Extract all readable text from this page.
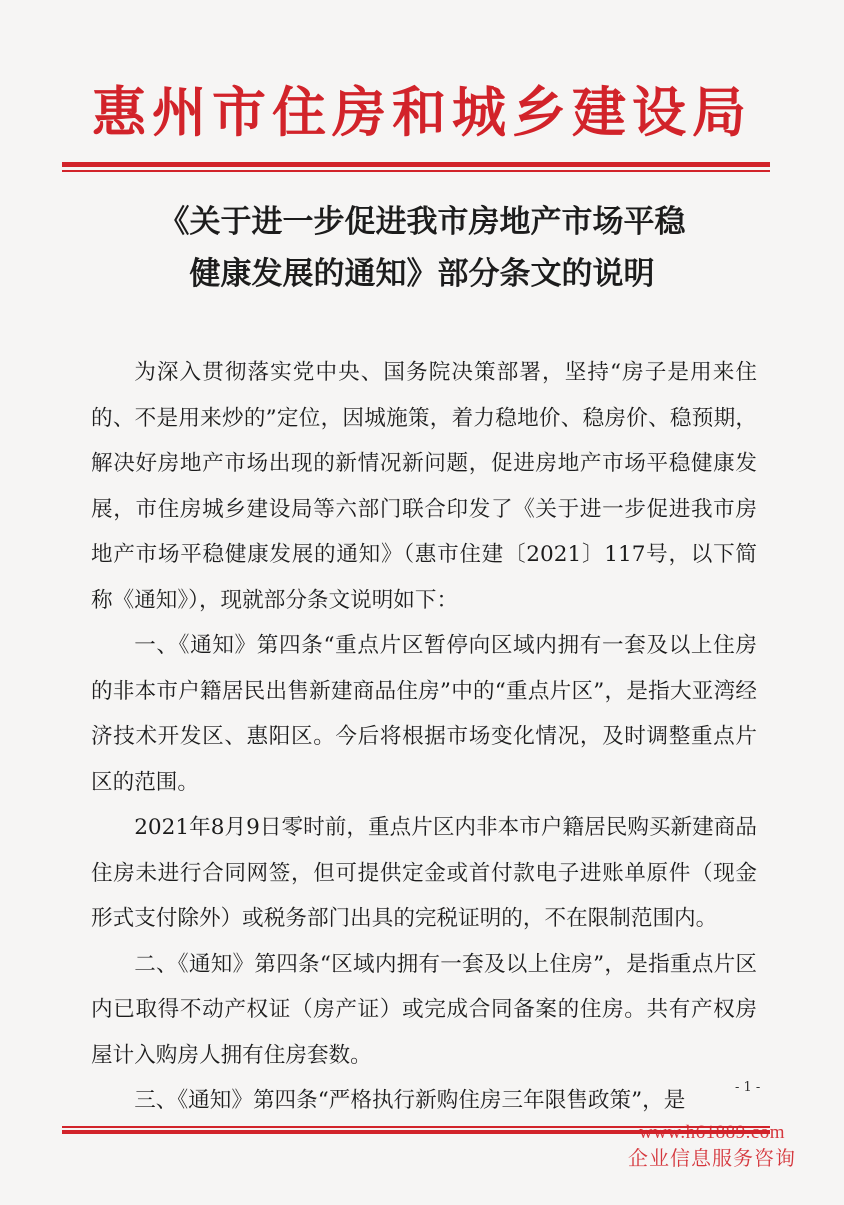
惠州市住房和城乡建设局
《关于进一步促进我市房地产市场平稳
健康发展的通知》部分条文的说明

为深入贯彻落实党中央、国务院决策部署，坚持“房子是用来住的、不是用来炒的”定位，因城施策，着力稳地价、稳房价、稳预期，解决好房地产市场出现的新情况新问题，促进房地产市场平稳健康发展，市住房城乡建设局等六部门联合印发了《关于进一步促进我市房地产市场平稳健康发展的通知》（惠市住建〔2021〕117号，以下简称《通知》），现就部分条文说明如下：

一、《通知》第四条“重点片区暂停向区域内拥有一套及以上住房的非本市户籍居民出售新建商品住房”中的“重点片区”，是指大亚湾经济技术开发区、惠阳区。今后将根据市场变化情况，及时调整重点片区的范围。

2021年8月9日零时前，重点片区内非本市户籍居民购买新建商品住房未进行合同网签，但可提供定金或首付款电子进账单原件（现金形式支付除外）或税务部门出具的完税证明的，不在限制范围内。

二、《通知》第四条“区域内拥有一套及以上住房”，是指重点片区内已取得不动产权证（房产证）或完成合同备案的住房。共有产权房屋计入购房人拥有住房套数。

三、《通知》第四条“严格执行新购住房三年限售政策”，是

- 1 -
www.h61889.com
企业信息服务咨询
